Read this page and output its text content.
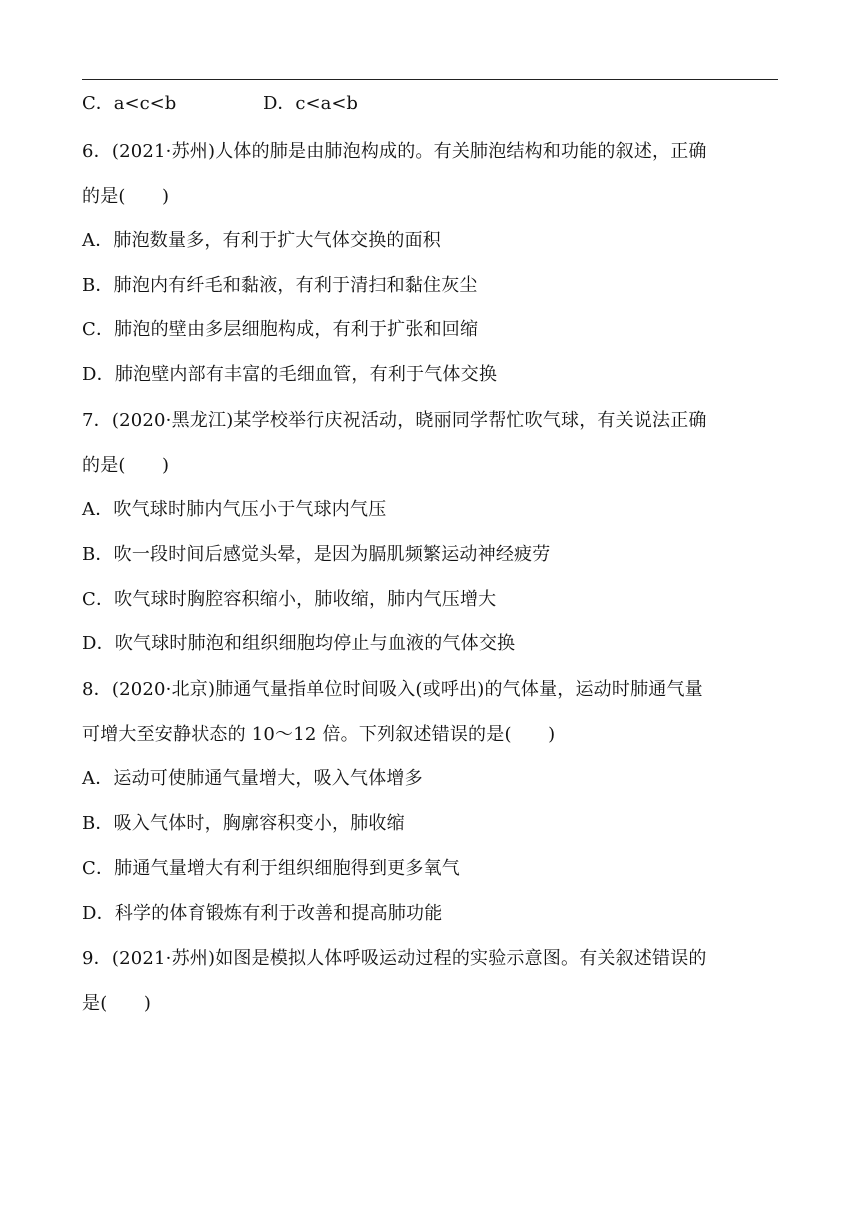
C．a<c<b	D．c<a<b
6．(2021·苏州)人体的肺是由肺泡构成的。有关肺泡结构和功能的叙述，正确
的是(　　)
A．肺泡数量多，有利于扩大气体交换的面积
B．肺泡内有纤毛和黏液，有利于清扫和黏住灰尘
C．肺泡的壁由多层细胞构成，有利于扩张和回缩
D．肺泡壁内部有丰富的毛细血管，有利于气体交换
7．(2020·黑龙江)某学校举行庆祝活动，晓丽同学帮忙吹气球，有关说法正确
的是(　　)
A．吹气球时肺内气压小于气球内气压
B．吹一段时间后感觉头晕，是因为膈肌频繁运动神经疲劳
C．吹气球时胸腔容积缩小，肺收缩，肺内气压增大
D．吹气球时肺泡和组织细胞均停止与血液的气体交换
8．(2020·北京)肺通气量指单位时间吸入(或呼出)的气体量，运动时肺通气量
可增大至安静状态的 10～12 倍。下列叙述错误的是(　　)
A．运动可使肺通气量增大，吸入气体增多
B．吸入气体时，胸廓容积变小，肺收缩
C．肺通气量增大有利于组织细胞得到更多氧气
D．科学的体育锻炼有利于改善和提高肺功能
9．(2021·苏州)如图是模拟人体呼吸运动过程的实验示意图。有关叙述错误的
是(　　)
